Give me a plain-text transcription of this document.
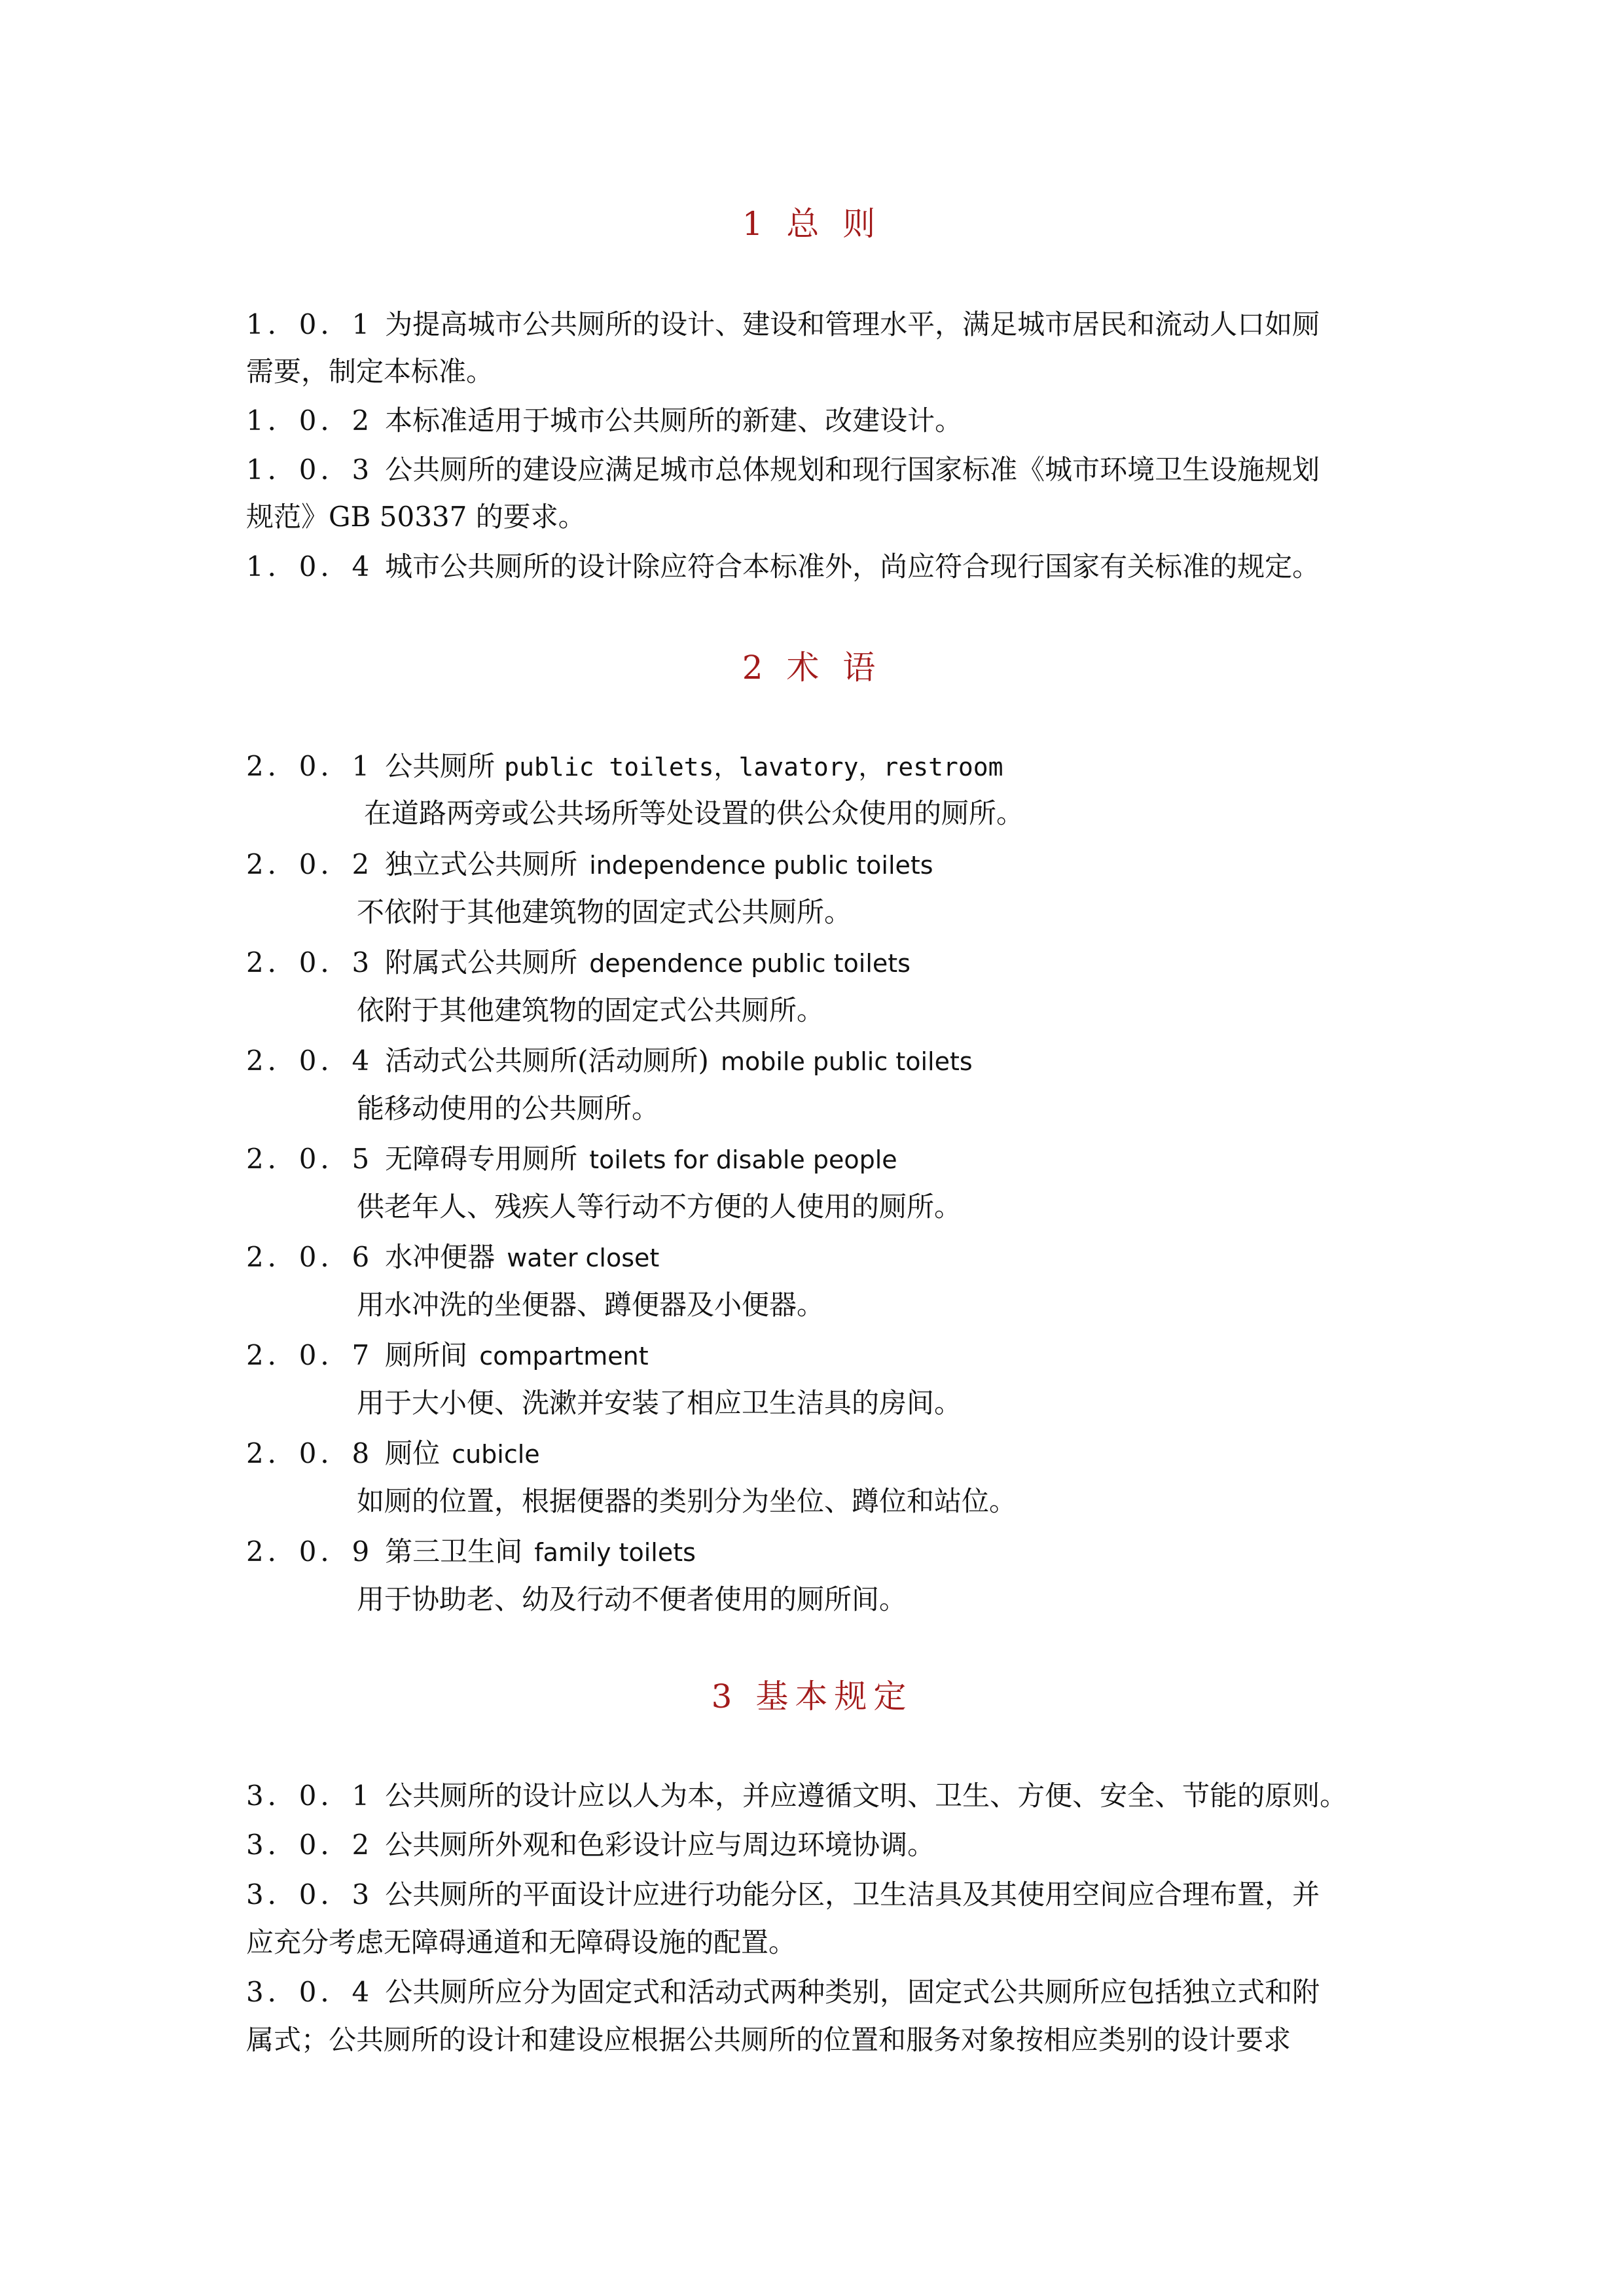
1 总 则
1．0．1 为提高城市公共厕所的设计、建设和管理水平，满足城市居民和流动人口如厕
需要，制定本标准。
1．0．2 本标准适用于城市公共厕所的新建、改建设计。
1．0．3 公共厕所的建设应满足城市总体规划和现行国家标准《城市环境卫生设施规划
规范》GB 50337 的要求。
1．0．4 城市公共厕所的设计除应符合本标准外，尚应符合现行国家有关标准的规定。
2 术 语
2．0．1 公共厕所 public toilets，lavatory，restroom
在道路两旁或公共场所等处设置的供公众使用的厕所。
2．0．2 独立式公共厕所 independence public toilets
不依附于其他建筑物的固定式公共厕所。
2．0．3 附属式公共厕所 dependence public toilets
依附于其他建筑物的固定式公共厕所。
2．0．4 活动式公共厕所(活动厕所) mobile public toilets
能移动使用的公共厕所。
2．0．5 无障碍专用厕所 toilets for disable people
供老年人、残疾人等行动不方便的人使用的厕所。
2．0．6 水冲便器 water closet
用水冲洗的坐便器、蹲便器及小便器。
2．0．7 厕所间 compartment
用于大小便、洗漱并安装了相应卫生洁具的房间。
2．0．8 厕位 cubicle
如厕的位置，根据便器的类别分为坐位、蹲位和站位。
2．0．9 第三卫生间 family toilets
用于协助老、幼及行动不便者使用的厕所间。
3 基本规定
3．0．1 公共厕所的设计应以人为本，并应遵循文明、卫生、方便、安全、节能的原则。
3．0．2 公共厕所外观和色彩设计应与周边环境协调。
3．0．3 公共厕所的平面设计应进行功能分区，卫生洁具及其使用空间应合理布置，并
应充分考虑无障碍通道和无障碍设施的配置。
3．0．4 公共厕所应分为固定式和活动式两种类别，固定式公共厕所应包括独立式和附
属式；公共厕所的设计和建设应根据公共厕所的位置和服务对象按相应类别的设计要求
